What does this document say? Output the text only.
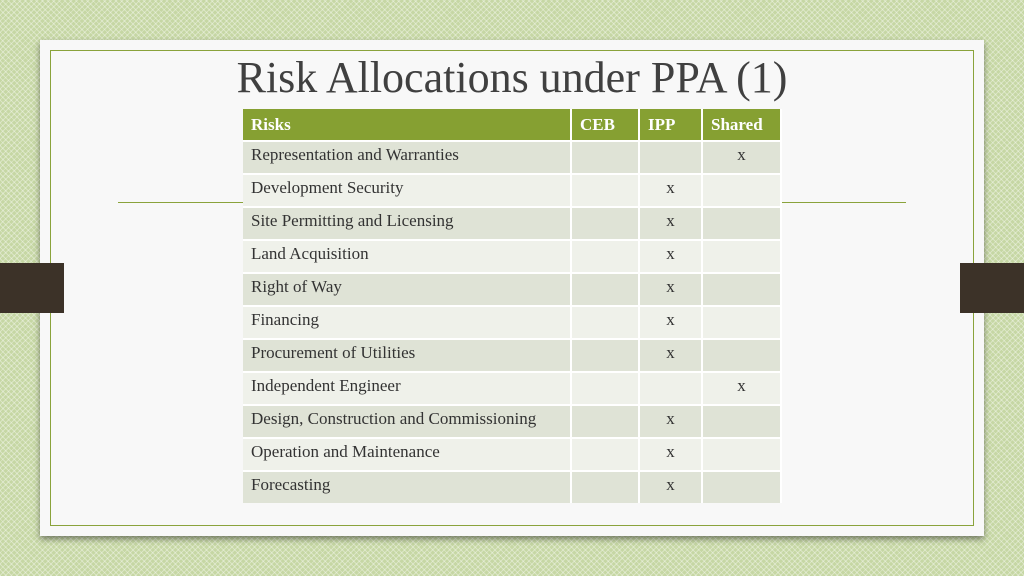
Risk Allocations under PPA (1)
Risks	CEB	IPP	Shared
Representation and Warranties			x
Development Security		x	
Site Permitting and Licensing		x	
Land Acquisition		x	
Right of Way		x	
Financing		x	
Procurement of Utilities		x	
Independent Engineer			x
Design, Construction and Commissioning		x	
Operation and Maintenance		x	
Forecasting		x	
